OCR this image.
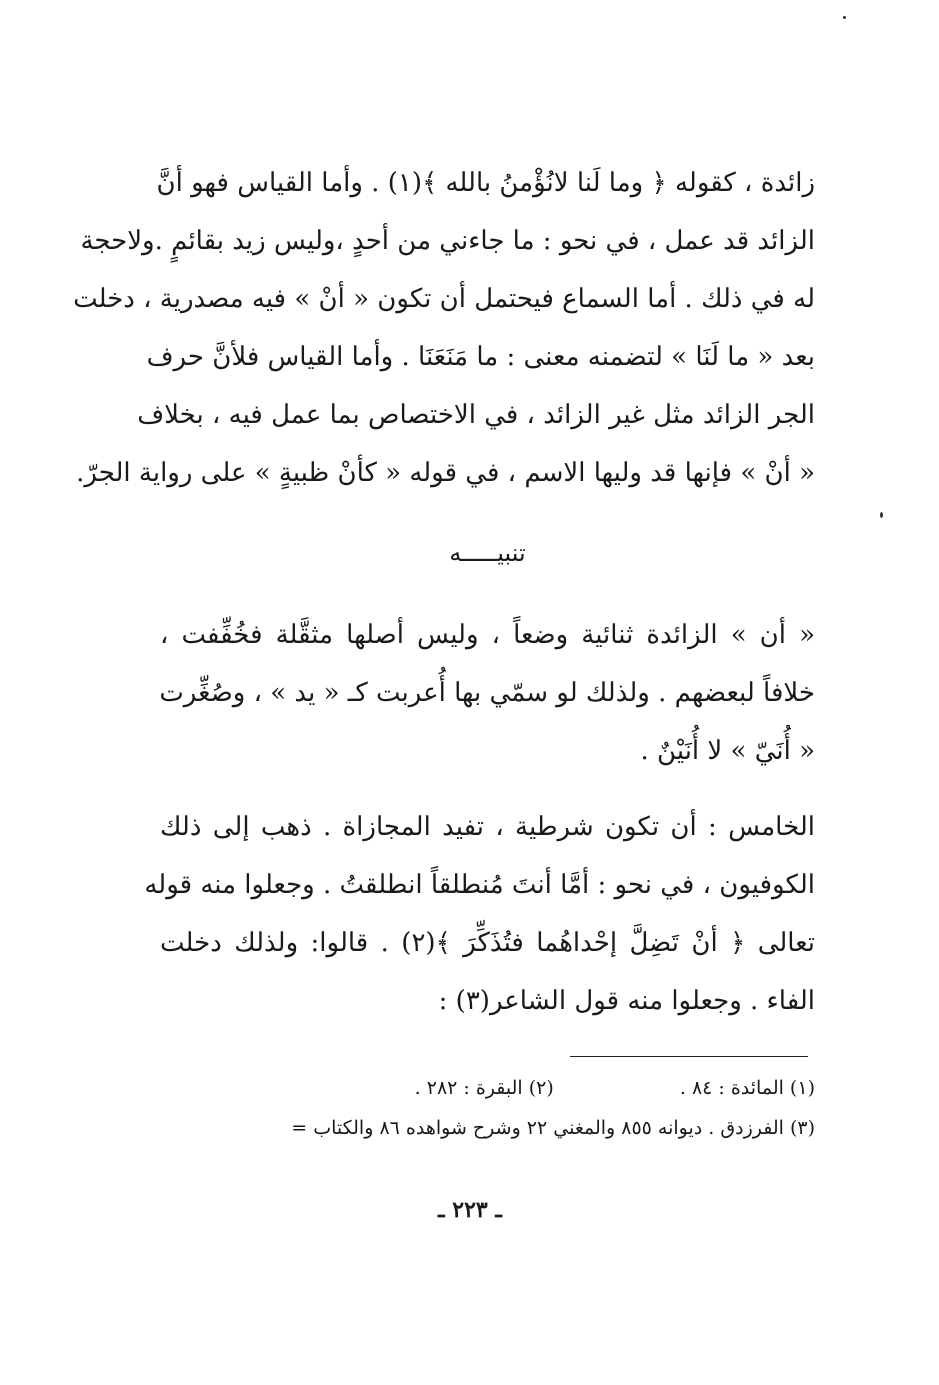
زائدة ، كقوله ﴿ وما لَنا لانُؤْمنُ بالله ﴾(١) . وأما القياس فهو أنَّ
الزائد قد عمل ، في نحو : ما جاءني من أحدٍ ،وليس زيد بقائمٍ .ولاحجة
له في ذلك . أما السماع فيحتمل أن تكون « أنْ » فيه مصدرية ، دخلت
بعد « ما لَنَا » لتضمنه معنى : ما مَنَعَنَا . وأما القياس فلأنَّ حرف
الجر الزائد مثل غير الزائد ، في الاختصاص بما عمل فيه ، بخلاف
« أنْ » فإنها قد وليها الاسم ، في قوله « كأنْ ظبيةٍ » على رواية الجرّ.
تنبيـــــه
« أن » الزائدة ثنائية وضعاً ، وليس أصلها مثقَّلة فخُفِّفت ،
خلافاً لبعضهم . ولذلك لو سمّي بها أُعربت كـ « يد » ، وصُغِّرت
« أُنَيّ » لا أُنَيْنٌ .
الخامس : أن تكون شرطية ، تفيد المجازاة . ذهب إلى ذلك
الكوفيون ، في نحو : أمَّا أنتَ مُنطلقاً انطلقتُ . وجعلوا منه قوله
تعالى ﴿ أنْ تَضِلَّ إحْداهُما فتُذَكِّرَ ﴾(٢) . قالوا: ولذلك دخلت
الفاء . وجعلوا منه قول الشاعر(٣) :
(١) المائدة : ٨٤ . (٢) البقرة : ٢٨٢ .
(٣) الفرزدق . ديوانه ٨٥٥ والمغني ٢٢ وشرح شواهده ٨٦ والكتاب =
ـ ٢٢٣ ـ
